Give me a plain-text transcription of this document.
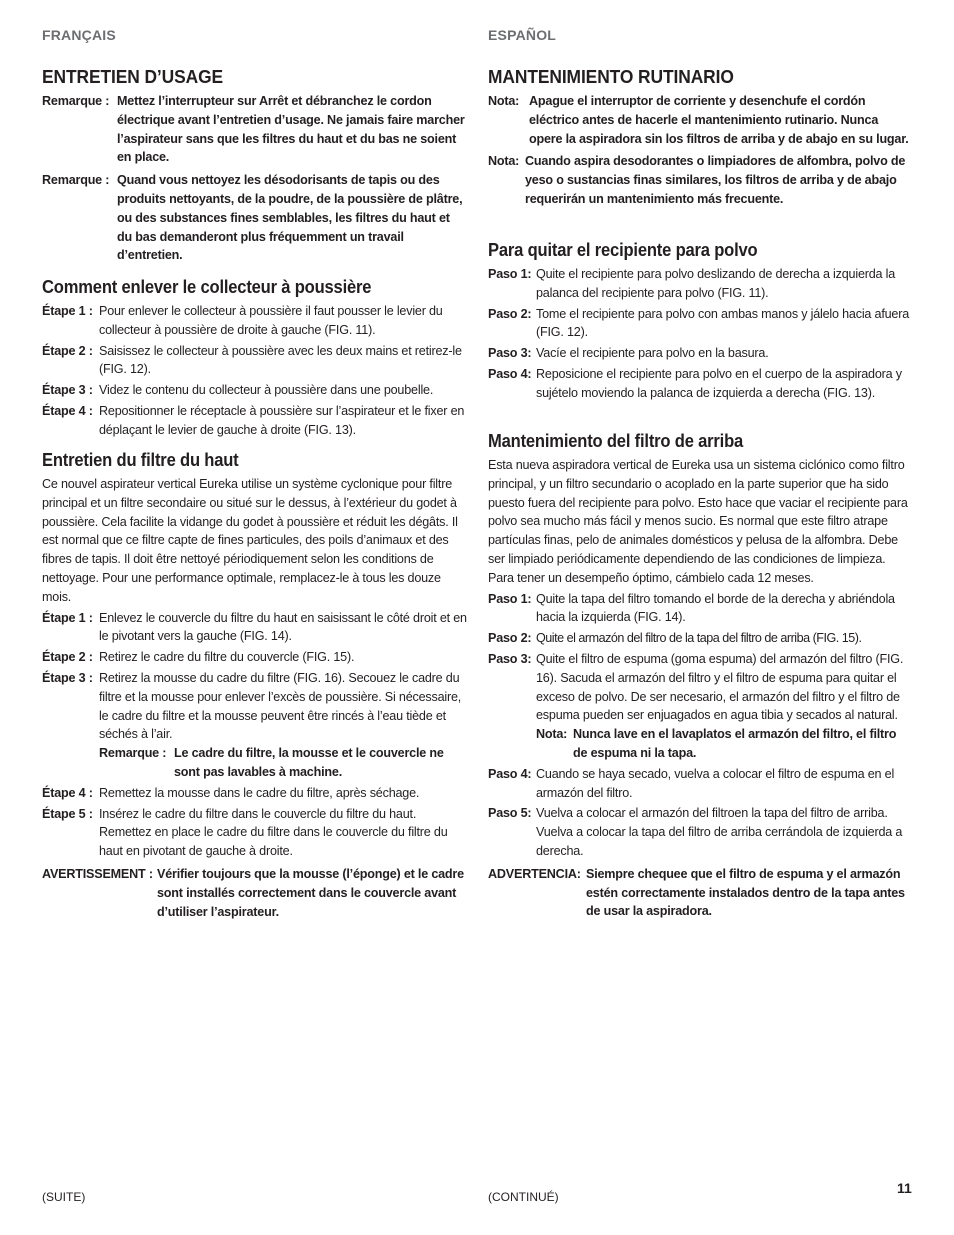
FRANÇAIS
ENTRETIEN D’USAGE
Remarque : Mettez l’interrupteur sur Arrêt et débranchez le cordon électrique avant l’entretien d’usage. Ne jamais faire marcher l’aspirateur sans que les filtres du haut et du bas ne soient en place.
Remarque : Quand vous nettoyez les désodorisants de tapis ou des produits nettoyants, de la poudre, de la poussière de plâtre, ou des substances fines semblables, les filtres du haut et du bas demanderont plus fréquemment un travail d’entretien.
Comment enlever le collecteur à poussière
Étape 1 : Pour enlever le collecteur à poussière il faut pousser le levier du collecteur à poussière de droite à gauche (FIG. 11).
Étape 2 : Saisissez le collecteur à poussière avec les deux mains et retirez-le (FIG. 12).
Étape 3 : Videz le contenu du collecteur à poussière dans une poubelle.
Étape 4 : Repositionner le réceptacle à poussière sur l’aspirateur et le fixer en déplaçant le levier de gauche à droite (FIG. 13).
Entretien du filtre du haut

Ce nouvel aspirateur vertical Eureka utilise un système cyclonique pour filtre principal et un filtre secondaire ou situé sur le dessus, à l’extérieur du godet à poussière. Cela facilite la vidange du godet à poussière et réduit les dégâts. Il est normal que ce filtre capte de fines particules, des poils d’animaux et des fibres de tapis. Il doit être nettoyé périodiquement selon les conditions de nettoyage. Pour une performance optimale, remplacez-le à tous les douze mois.

Étape 1 : Enlevez le couvercle du filtre du haut en saisissant le côté droit et en le pivotant vers la gauche (FIG. 14).
Étape 2 : Retirez le cadre du filtre du couvercle (FIG. 15).
Étape 3 : Retirez la mousse du cadre du filtre (FIG. 16). Secouez le cadre du filtre et la mousse pour enlever l’excès de poussière. Si nécessaire, le cadre du filtre et la mousse peuvent être rincés à l’eau tiède et séchés à l’air.
Remarque : Le cadre du filtre, la mousse et le couvercle ne sont pas lavables à machine.
Étape 4 : Remettez la mousse dans le cadre du filtre, après séchage.
Étape 5 : Insérez le cadre du filtre dans le couvercle du filtre du haut. Remettez en place le cadre du filtre dans le couvercle du filtre du haut en pivotant de gauche à droite.
AVERTISSEMENT : Vérifier toujours que la mousse (l’éponge) et le cadre sont installés correctement dans le couvercle avant d’utiliser l’aspirateur.
(SUITE)
ESPAÑOL
MANTENIMIENTO RUTINARIO
Nota: Apague el interruptor de corriente y desenchufe el cordón eléctrico antes de hacerle el mantenimiento rutinario. Nunca opere la aspiradora sin los filtros de arriba y de abajo en su lugar.
Nota: Cuando aspira desodorantes o limpiadores de alfombra, polvo de yeso o sustancias finas similares, los filtros de arriba y de abajo requerirán un mantenimiento más frecuente.
Para quitar el recipiente para polvo
Paso 1: Quite el recipiente para polvo deslizando de derecha a izquierda la palanca del recipiente para polvo (FIG. 11).
Paso 2: Tome el recipiente para polvo con ambas manos y jálelo hacia afuera (FIG. 12).
Paso 3: Vacíe el recipiente para polvo en la basura.
Paso 4: Reposicione el recipiente para polvo en el cuerpo de la aspiradora y sujételo moviendo la palanca de izquierda a derecha (FIG. 13).
Mantenimiento del filtro de arriba

Esta nueva aspiradora vertical de Eureka usa un sistema ciclónico como filtro principal, y un filtro secundario o acoplado en la parte superior que ha sido puesto fuera del recipiente para polvo. Esto hace que vaciar el recipiente para polvo sea mucho más fácil y menos sucio. Es normal que este filtro atrape partículas finas, pelo de animales domésticos y pelusa de la alfombra. Debe ser limpiado periódicamente dependiendo de las condiciones de limpieza. Para tener un desempeño óptimo, cámbielo cada 12 meses.

Paso 1: Quite la tapa del filtro tomando el borde de la derecha y abriéndola hacia la izquierda (FIG. 14).
Paso 2: Quite el armazón del filtro de la tapa del filtro de arriba (FIG. 15).
Paso 3: Quite el filtro de espuma (goma espuma) del armazón del filtro (FIG. 16). Sacuda el armazón del filtro y el filtro de espuma para quitar el exceso de polvo. De ser necesario, el armazón del filtro y el filtro de espuma pueden ser enjuagados en agua tibia y secados al natural.
Nota: Nunca lave en el lavaplatos el armazón del filtro, el filtro de espuma ni la tapa.
Paso 4: Cuando se haya secado, vuelva a colocar el filtro de espuma en el armazón del filtro.
Paso 5: Vuelva a colocar el armazón del filtroen la tapa del filtro de arriba. Vuelva a colocar la tapa del filtro de arriba cerrándola de izquierda a derecha.
ADVERTENCIA: Siempre chequee que el filtro de espuma y el armazón estén correctamente instalados dentro de la tapa antes de usar la aspiradora.
(CONTINUÉ)
11
